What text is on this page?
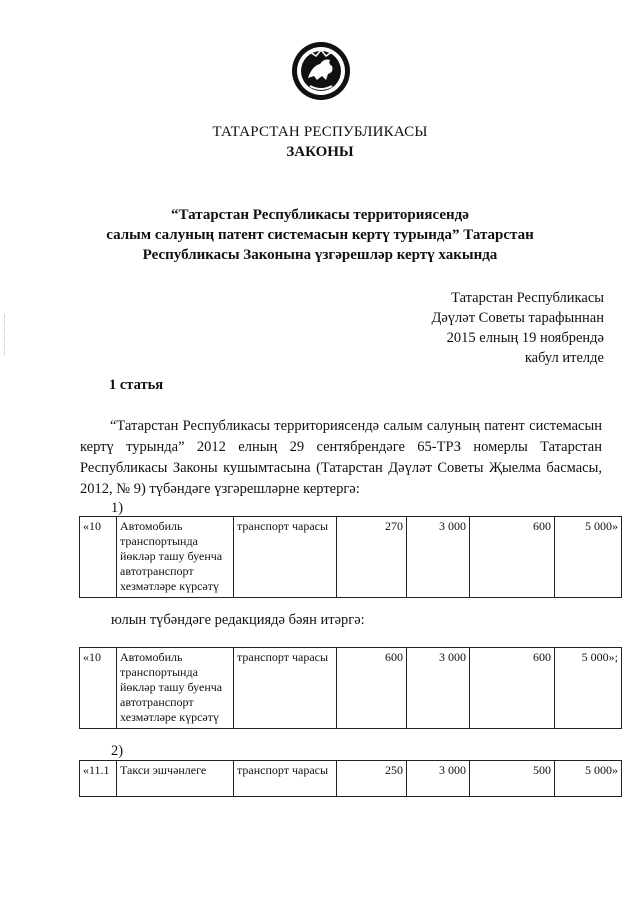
ТАТАРСТАН РЕСПУБЛИКАСЫ
ЗАКОНЫ
“Татарстан Республикасы территориясендә
салым салуның патент системасын кертү турында” Татарстан
Республикасы Законына үзгәрешләр кертү хакында
Татарстан Республикасы
Дәүләт Советы тарафыннан
2015 елның 19 ноябрендә
кабул ителде
1 статья

“Татарстан Республикасы территориясендә салым салуның патент системасын кертү турында” 2012 елның 29 сентябрендәге 65-ТРЗ номерлы Татарстан Республикасы Законы кушымтасына (Татарстан Дәүләт Советы Җыелма басмасы, 2012, № 9) түбәндәге үзгәрешләрне кертергә:

1)
«10	Автомобиль транспортында йөкләр ташу буенча автотранспорт хезмәтләре күрсәтү	транспорт чарасы	270	3 000	600	5 000»
юлын түбәндәге редакциядә бәян итәргә:
«10	Автомобиль транспортында йөкләр ташу буенча автотранспорт хезмәтләре күрсәтү	транспорт чарасы	600	3 000	600	5 000»;
2)
«11.1	Такси эшчәнлеге	транспорт чарасы	250	3 000	500	5 000»
